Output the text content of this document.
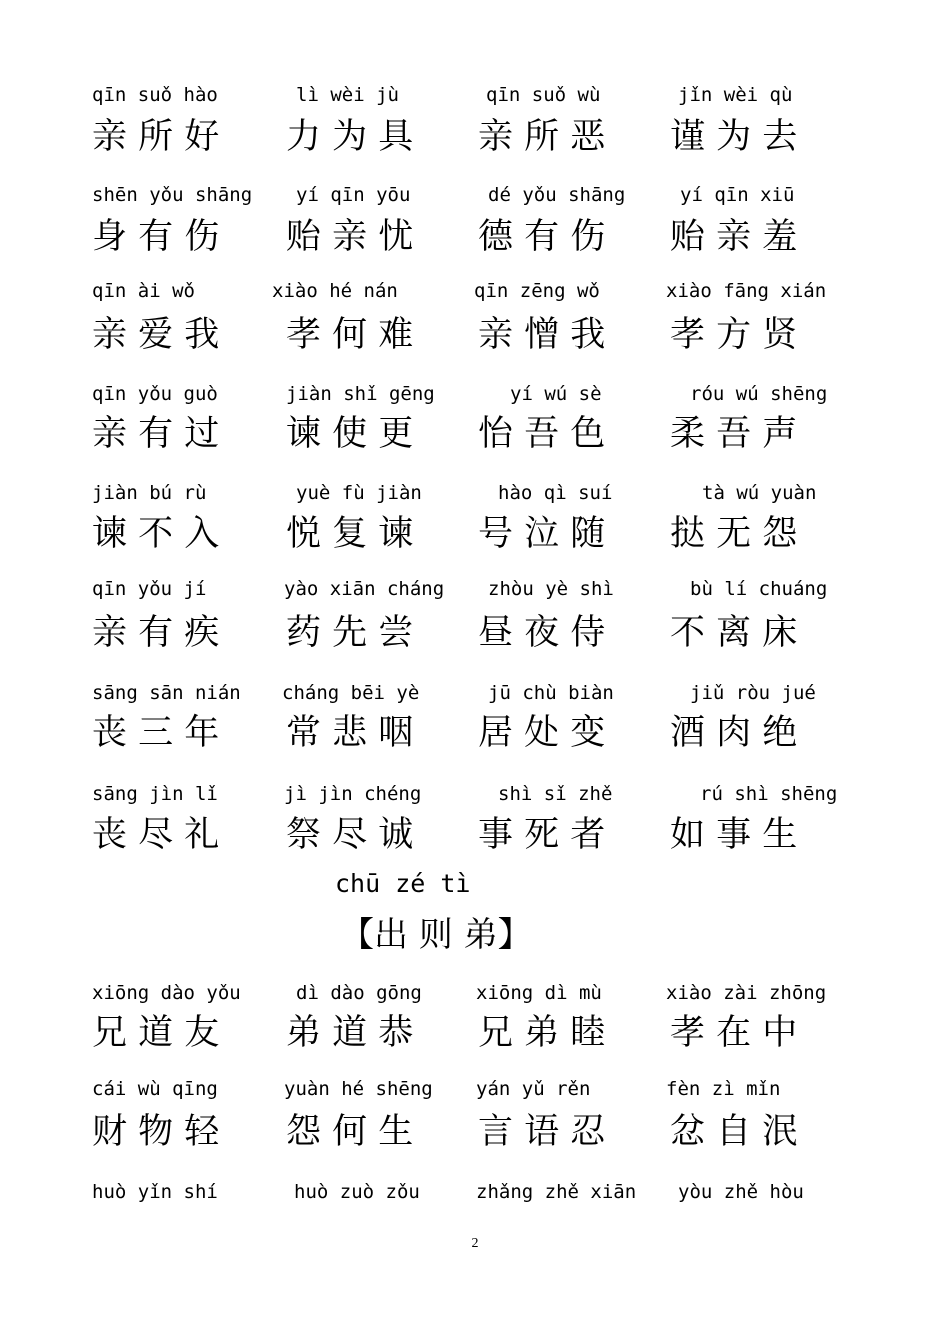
qīn suǒ hào
亲 所 好
lì wèi jù
力 为 具
qīn suǒ wù
亲 所 恶
jǐn wèi qù
谨 为 去
shēn yǒu shāng
身 有 伤
yí qīn yōu
贻 亲 忧
dé yǒu shāng
德 有 伤
yí qīn xiū
贻 亲 羞
qīn ài wǒ
亲 爱 我
xiào hé nán
孝 何 难
qīn zēng wǒ
亲 憎 我
xiào fāng xián
孝 方 贤
qīn yǒu guò
亲 有 过
jiàn shǐ gēng
谏 使 更
yí wú sè
怡 吾 色
róu wú shēng
柔 吾 声
jiàn bú rù
谏 不 入
yuè fù jiàn
悦 复 谏
hào qì suí
号 泣 随
tà wú yuàn
挞 无 怨
qīn yǒu jí
亲 有 疾
yào xiān cháng
药 先 尝
zhòu yè shì
昼 夜 侍
bù lí chuáng
不 离 床
sāng sān nián
丧 三 年
cháng bēi yè
常 悲 咽
jū chù biàn
居 处 变
jiǔ ròu jué
酒 肉 绝
sāng jìn lǐ
丧 尽 礼
jì jìn chéng
祭 尽 诚
shì sǐ zhě
事 死 者
rú shì shēng
如 事 生
chū zé tì
【出 则 弟】
xiōng dào yǒu
兄 道 友
dì dào gōng
弟 道 恭
xiōng dì mù
兄 弟 睦
xiào zài zhōng
孝 在 中
cái wù qīng
财 物 轻
yuàn hé shēng
怨 何 生
yán yǔ rěn
言 语 忍
fèn zì mǐn
忿 自 泯
huò yǐn shí	huò zuò zǒu	zhǎng zhě xiān yòu zhě hòu
2
